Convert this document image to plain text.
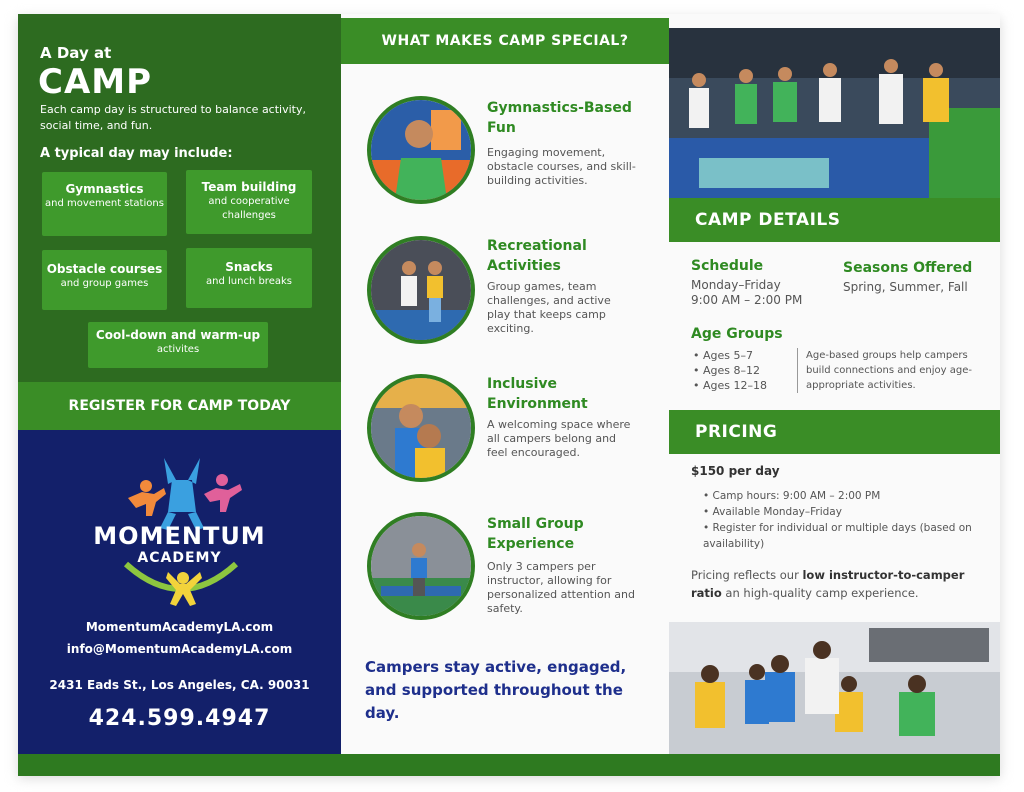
A Day at
CAMP
Each camp day is structured to balance activity, social time, and fun.
A typical day may include:
Gymnastics
and movement stations
Team building
and cooperative challenges
Obstacle courses
and group games
Snacks
and lunch breaks
Cool-down and warm-up
activites
REGISTER FOR CAMP TODAY
MOMENTUM
ACADEMY
MomentumAcademyLA.com
info@MomentumAcademyLA.com
2431 Eads St., Los Angeles, CA. 90031
424.599.4947
WHAT MAKES CAMP SPECIAL?
Gymnastics-Based
Fun
Engaging movement, obstacle courses, and skill-building activities.
Recreational
Activities
Group games, team challenges, and active play that keeps camp exciting.
Inclusive
Environment
A welcoming space where all campers belong and feel encouraged.
Small Group
Experience
Only 3 campers per instructor, allowing for personalized attention and safety.
Campers stay active, engaged, and supported throughout the day.
CAMP DETAILS
Schedule
Monday–Friday
9:00 AM – 2:00 PM
Seasons Offered
Spring, Summer, Fall
Age Groups
• Ages 5–7
• Ages 8–12
• Ages 12–18
Age-based groups help campers build connections and enjoy age-appropriate activities.
PRICING
$150 per day
• Camp hours: 9:00 AM – 2:00 PM
• Available Monday–Friday
• Register for individual or multiple days (based on availability)
Pricing reflects our low instructor-to-camper ratio an high-quality camp experience.
